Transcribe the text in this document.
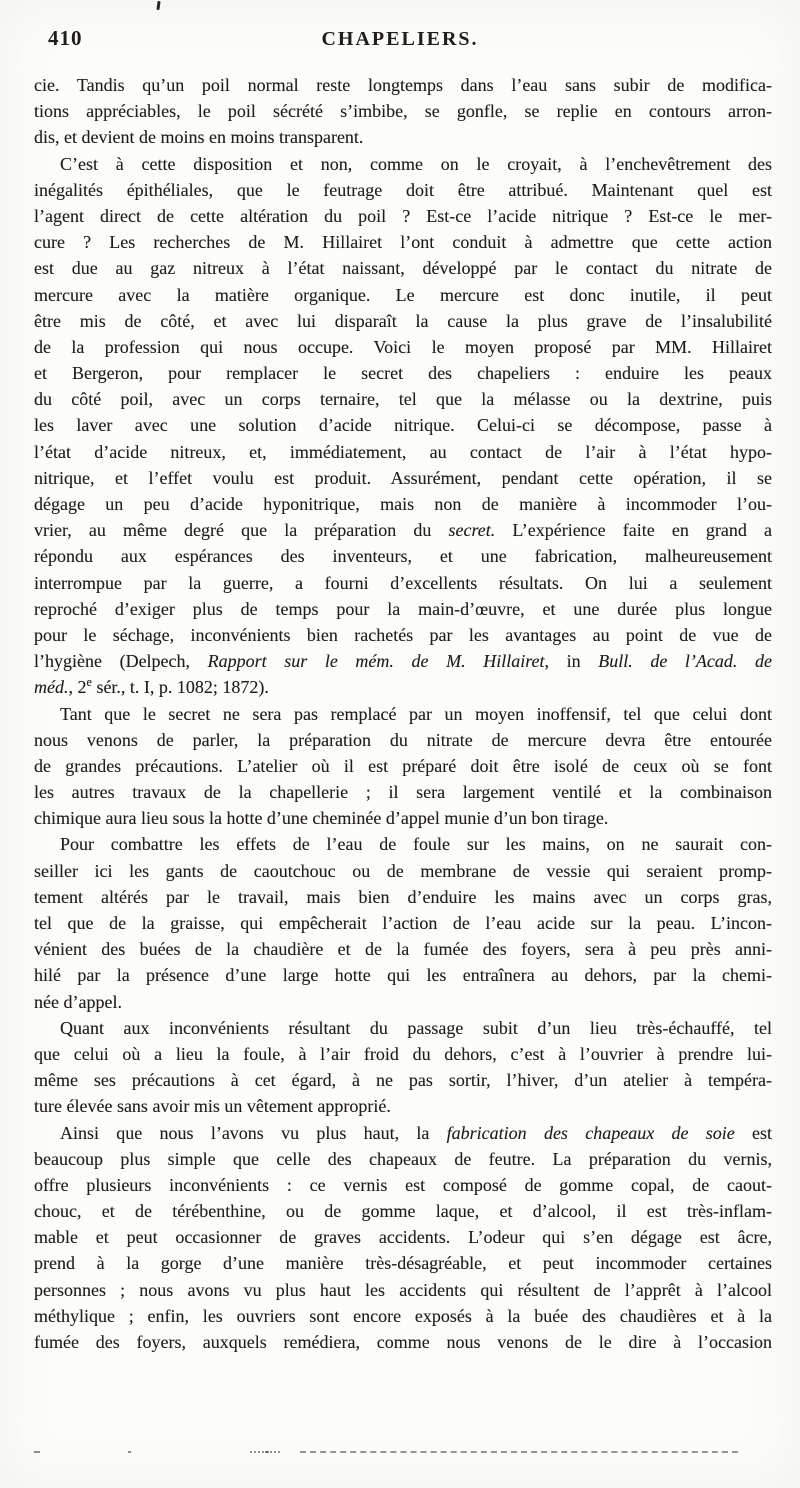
410	CHAPELIERS.
cie. Tandis qu’un poil normal reste longtemps dans l’eau sans subir de modifica-
tions appréciables, le poil sécrété s’imbibe, se gonfle, se replie en contours arron-
dis, et devient de moins en moins transparent.
C’est à cette disposition et non, comme on le croyait, à l’enchevêtrement des
inégalités épithéliales, que le feutrage doit être attribué. Maintenant quel est
l’agent direct de cette altération du poil ? Est-ce l’acide nitrique ? Est-ce le mer-
cure ? Les recherches de M. Hillairet l’ont conduit à admettre que cette action
est due au gaz nitreux à l’état naissant, développé par le contact du nitrate de
mercure avec la matière organique. Le mercure est donc inutile, il peut
être mis de côté, et avec lui disparaît la cause la plus grave de l’insalubilité
de la profession qui nous occupe. Voici le moyen proposé par MM. Hillairet
et Bergeron, pour remplacer le secret des chapeliers : enduire les peaux
du côté poil, avec un corps ternaire, tel que la mélasse ou la dextrine, puis
les laver avec une solution d’acide nitrique. Celui-ci se décompose, passe à
l’état d’acide nitreux, et, immédiatement, au contact de l’air à l’état hypo-
nitrique, et l’effet voulu est produit. Assurément, pendant cette opération, il se
dégage un peu d’acide hyponitrique, mais non de manière à incommoder l’ou-
vrier, au même degré que la préparation du secret. L’expérience faite en grand a
répondu aux espérances des inventeurs, et une fabrication, malheureusement
interrompue par la guerre, a fourni d’excellents résultats. On lui a seulement
reproché d’exiger plus de temps pour la main-d’œuvre, et une durée plus longue
pour le séchage, inconvénients bien rachetés par les avantages au point de vue de
l’hygiène (Delpech, Rapport sur le mém. de M. Hillairet, in Bull. de l’Acad. de
méd., 2e sér., t. I, p. 1082; 1872).
Tant que le secret ne sera pas remplacé par un moyen inoffensif, tel que celui dont
nous venons de parler, la préparation du nitrate de mercure devra être entourée
de grandes précautions. L’atelier où il est préparé doit être isolé de ceux où se font
les autres travaux de la chapellerie ; il sera largement ventilé et la combinaison
chimique aura lieu sous la hotte d’une cheminée d’appel munie d’un bon tirage.
Pour combattre les effets de l’eau de foule sur les mains, on ne saurait con-
seiller ici les gants de caoutchouc ou de membrane de vessie qui seraient promp-
tement altérés par le travail, mais bien d’enduire les mains avec un corps gras,
tel que de la graisse, qui empêcherait l’action de l’eau acide sur la peau. L’incon-
vénient des buées de la chaudière et de la fumée des foyers, sera à peu près anni-
hilé par la présence d’une large hotte qui les entraînera au dehors, par la chemi-
née d’appel.
Quant aux inconvénients résultant du passage subit d’un lieu très-échauffé, tel
que celui où a lieu la foule, à l’air froid du dehors, c’est à l’ouvrier à prendre lui-
même ses précautions à cet égard, à ne pas sortir, l’hiver, d’un atelier à tempéra-
ture élevée sans avoir mis un vêtement approprié.
Ainsi que nous l’avons vu plus haut, la fabrication des chapeaux de soie est
beaucoup plus simple que celle des chapeaux de feutre. La préparation du vernis,
offre plusieurs inconvénients : ce vernis est composé de gomme copal, de caout-
chouc, et de térébenthine, ou de gomme laque, et d’alcool, il est très-inflam-
mable et peut occasionner de graves accidents. L’odeur qui s’en dégage est âcre,
prend à la gorge d’une manière très-désagréable, et peut incommoder certaines
personnes ; nous avons vu plus haut les accidents qui résultent de l’apprêt à l’alcool
méthylique ; enfin, les ouvriers sont encore exposés à la buée des chaudières et à la
fumée des foyers, auxquels remédiera, comme nous venons de le dire à l’occasion
